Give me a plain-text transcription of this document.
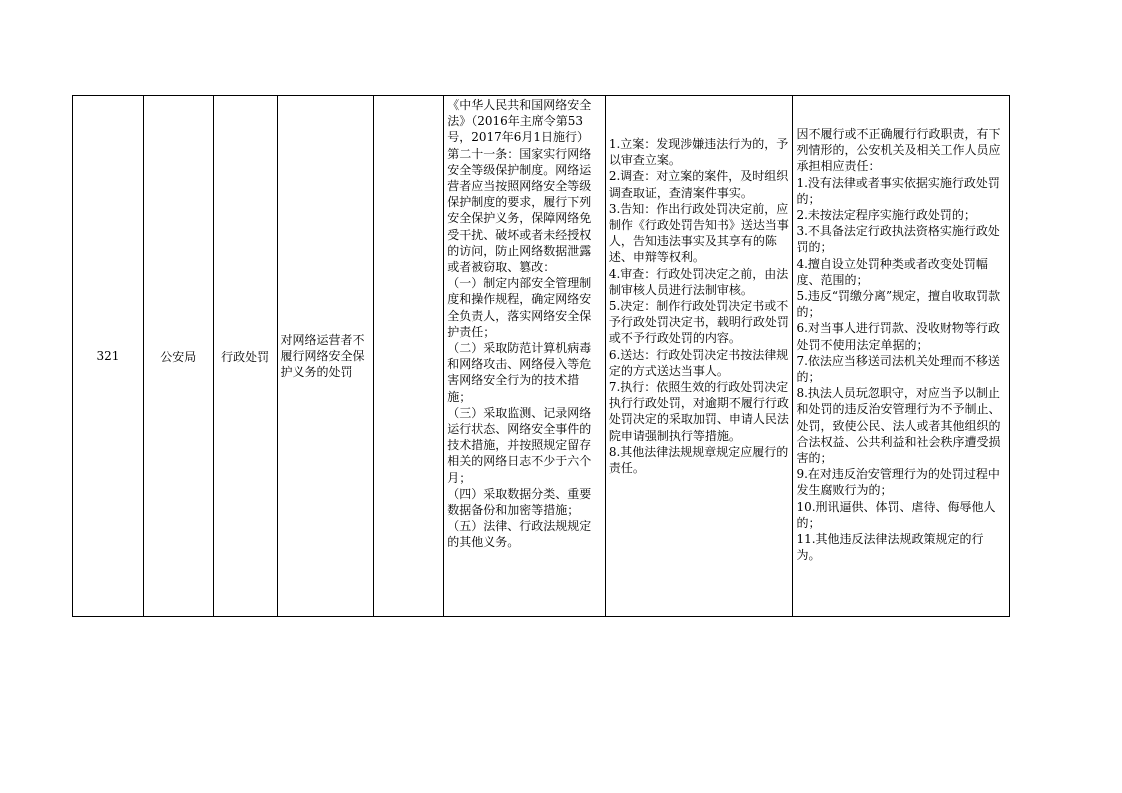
321	公安局 行政处罚
对网络运营者不履行网络安全保护义务的处罚
《中华人民共和国网络安全法》（2016年主席令第53号，2017年6月1日施行）
第二十一条：国家实行网络安全等级保护制度。网络运营者应当按照网络安全等级保护制度的要求，履行下列安全保护义务，保障网络免受干扰、破坏或者未经授权的访问，防止网络数据泄露或者被窃取、篡改：
（一）制定内部安全管理制度和操作规程，确定网络安全负责人，落实网络安全保护责任；
（二）采取防范计算机病毒和网络攻击、网络侵入等危害网络安全行为的技术措施；
（三）采取监测、记录网络运行状态、网络安全事件的技术措施，并按照规定留存相关的网络日志不少于六个月；
（四）采取数据分类、重要数据备份和加密等措施；
（五）法律、行政法规规定的其他义务。
1.立案：发现涉嫌违法行为的，予以审查立案。
2.调查：对立案的案件，及时组织调查取证，查清案件事实。
3.告知：作出行政处罚决定前，应制作《行政处罚告知书》送达当事人，告知违法事实及其享有的陈述、申辩等权利。
4.审查：行政处罚决定之前，由法制审核人员进行法制审核。
5.决定：制作行政处罚决定书或不予行政处罚决定书，载明行政处罚或不予行政处罚的内容。
6.送达：行政处罚决定书按法律规定的方式送达当事人。
7.执行：依照生效的行政处罚决定执行行政处罚，对逾期不履行行政处罚决定的采取加罚、申请人民法院申请强制执行等措施。
8.其他法律法规规章规定应履行的责任。
因不履行或不正确履行行政职责，有下列情形的，公安机关及相关工作人员应承担相应责任：
1.没有法律或者事实依据实施行政处罚的；
2.未按法定程序实施行政处罚的；
3.不具备法定行政执法资格实施行政处罚的；
4.擅自设立处罚种类或者改变处罚幅度、范围的；
5.违反“罚缴分离”规定，擅自收取罚款的；
6.对当事人进行罚款、没收财物等行政处罚不使用法定单据的；
7.依法应当移送司法机关处理而不移送的；
8.执法人员玩忽职守，对应当予以制止和处罚的违反治安管理行为不予制止、处罚，致使公民、法人或者其他组织的合法权益、公共利益和社会秩序遭受损害的；
9.在对违反治安管理行为的处罚过程中发生腐败行为的；
10.刑讯逼供、体罚、虐待、侮辱他人的；
11.其他违反法律法规政策规定的行为。
